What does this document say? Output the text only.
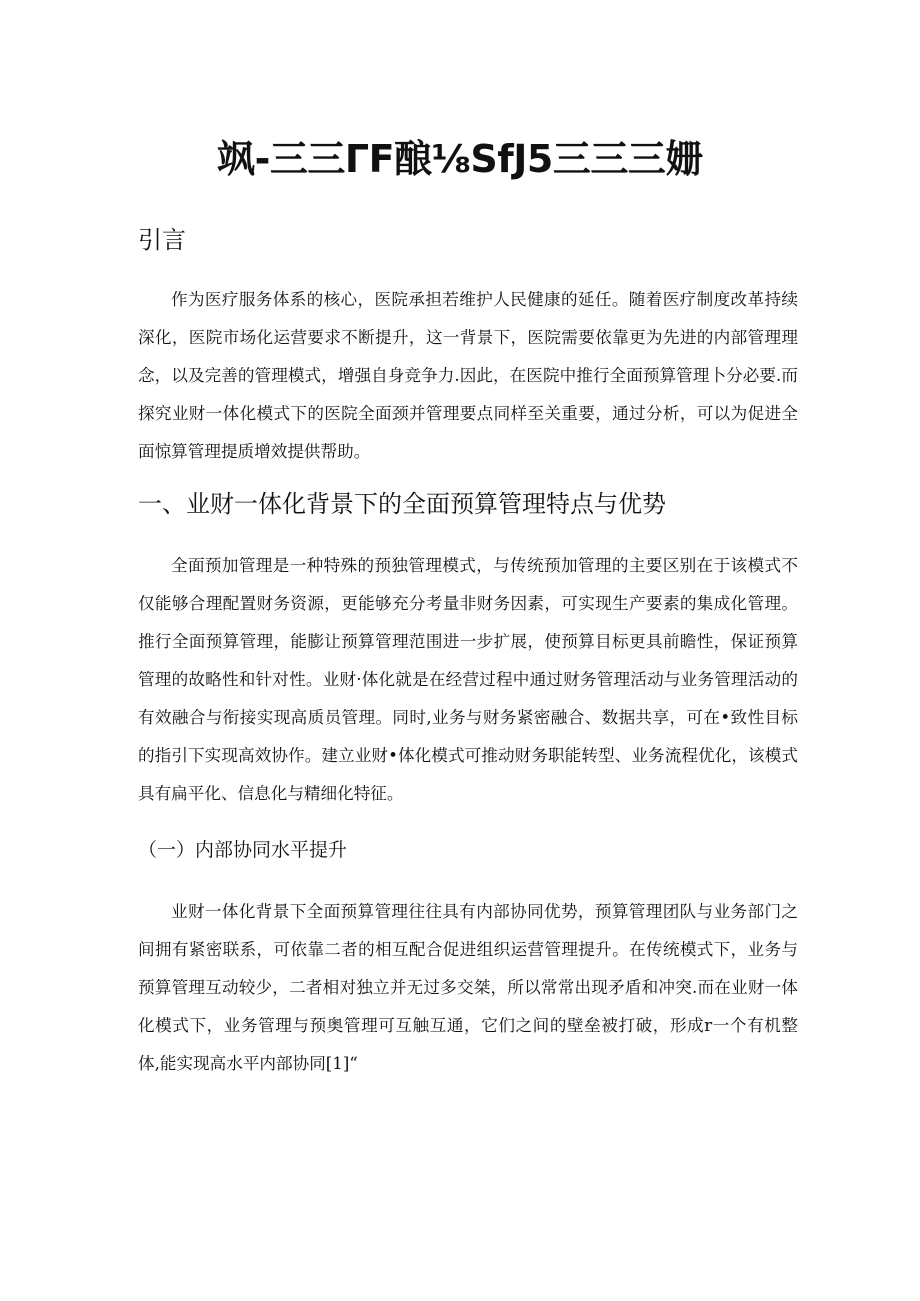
飒-三三ΓF酿⅛SfJ5三三三姗
引言

作为医疗服务体系的核心，医院承担若维护人民健康的延任。随着医疗制度改革持续深化，医院市场化运营要求不断提升，这一背景下，医院需要依靠更为先进的内部管理理念，以及完善的管理模式，增强自身竞争力.因此，在医院中推行全面预算管理卜分必要.而探究业财一体化模式下的医院全面颈并管理要点同样至关重要，通过分析，可以为促进全面惊算管理提质增效提供帮助。

一、业财一体化背景下的全面预算管理特点与优势

全面预加管理是一种特殊的预独管理模式，与传统预加管理的主要区别在于该模式不仅能够合理配置财务资源，更能够充分考量非财务因素，可实现生产要素的集成化管理。推行全面预算管理，能膨让预算管理范围进一步扩展，使预算目标更具前瞻性，保证预算管理的故略性和针对性。业财·体化就是在经营过程中通过财务管理活动与业务管理活动的有效融合与衔接实现高质员管理。同时,业务与财务紧密融合、数据共享，可在•致性目标的指引下实现高效协作。建立业财•体化模式可推动财务职能转型、业务流程优化，该模式具有扁平化、信息化与精细化特征。

（一）内部协同水平提升

业财一体化背景下全面预算管理往往具有内部协同优势，预算管理团队与业务部门之间拥有紧密联系，可依靠二者的相互配合促进组织运营管理提升。在传统模式下，业务与预算管理互动较少，二者相对独立并无过多交桀，所以常常出现矛盾和冲突.而在业财一体化模式下，业务管理与预奥管理可互触互通，它们之间的壁垒被打破，形成r一个有机整体,能实现高水平内部协同[1]“
